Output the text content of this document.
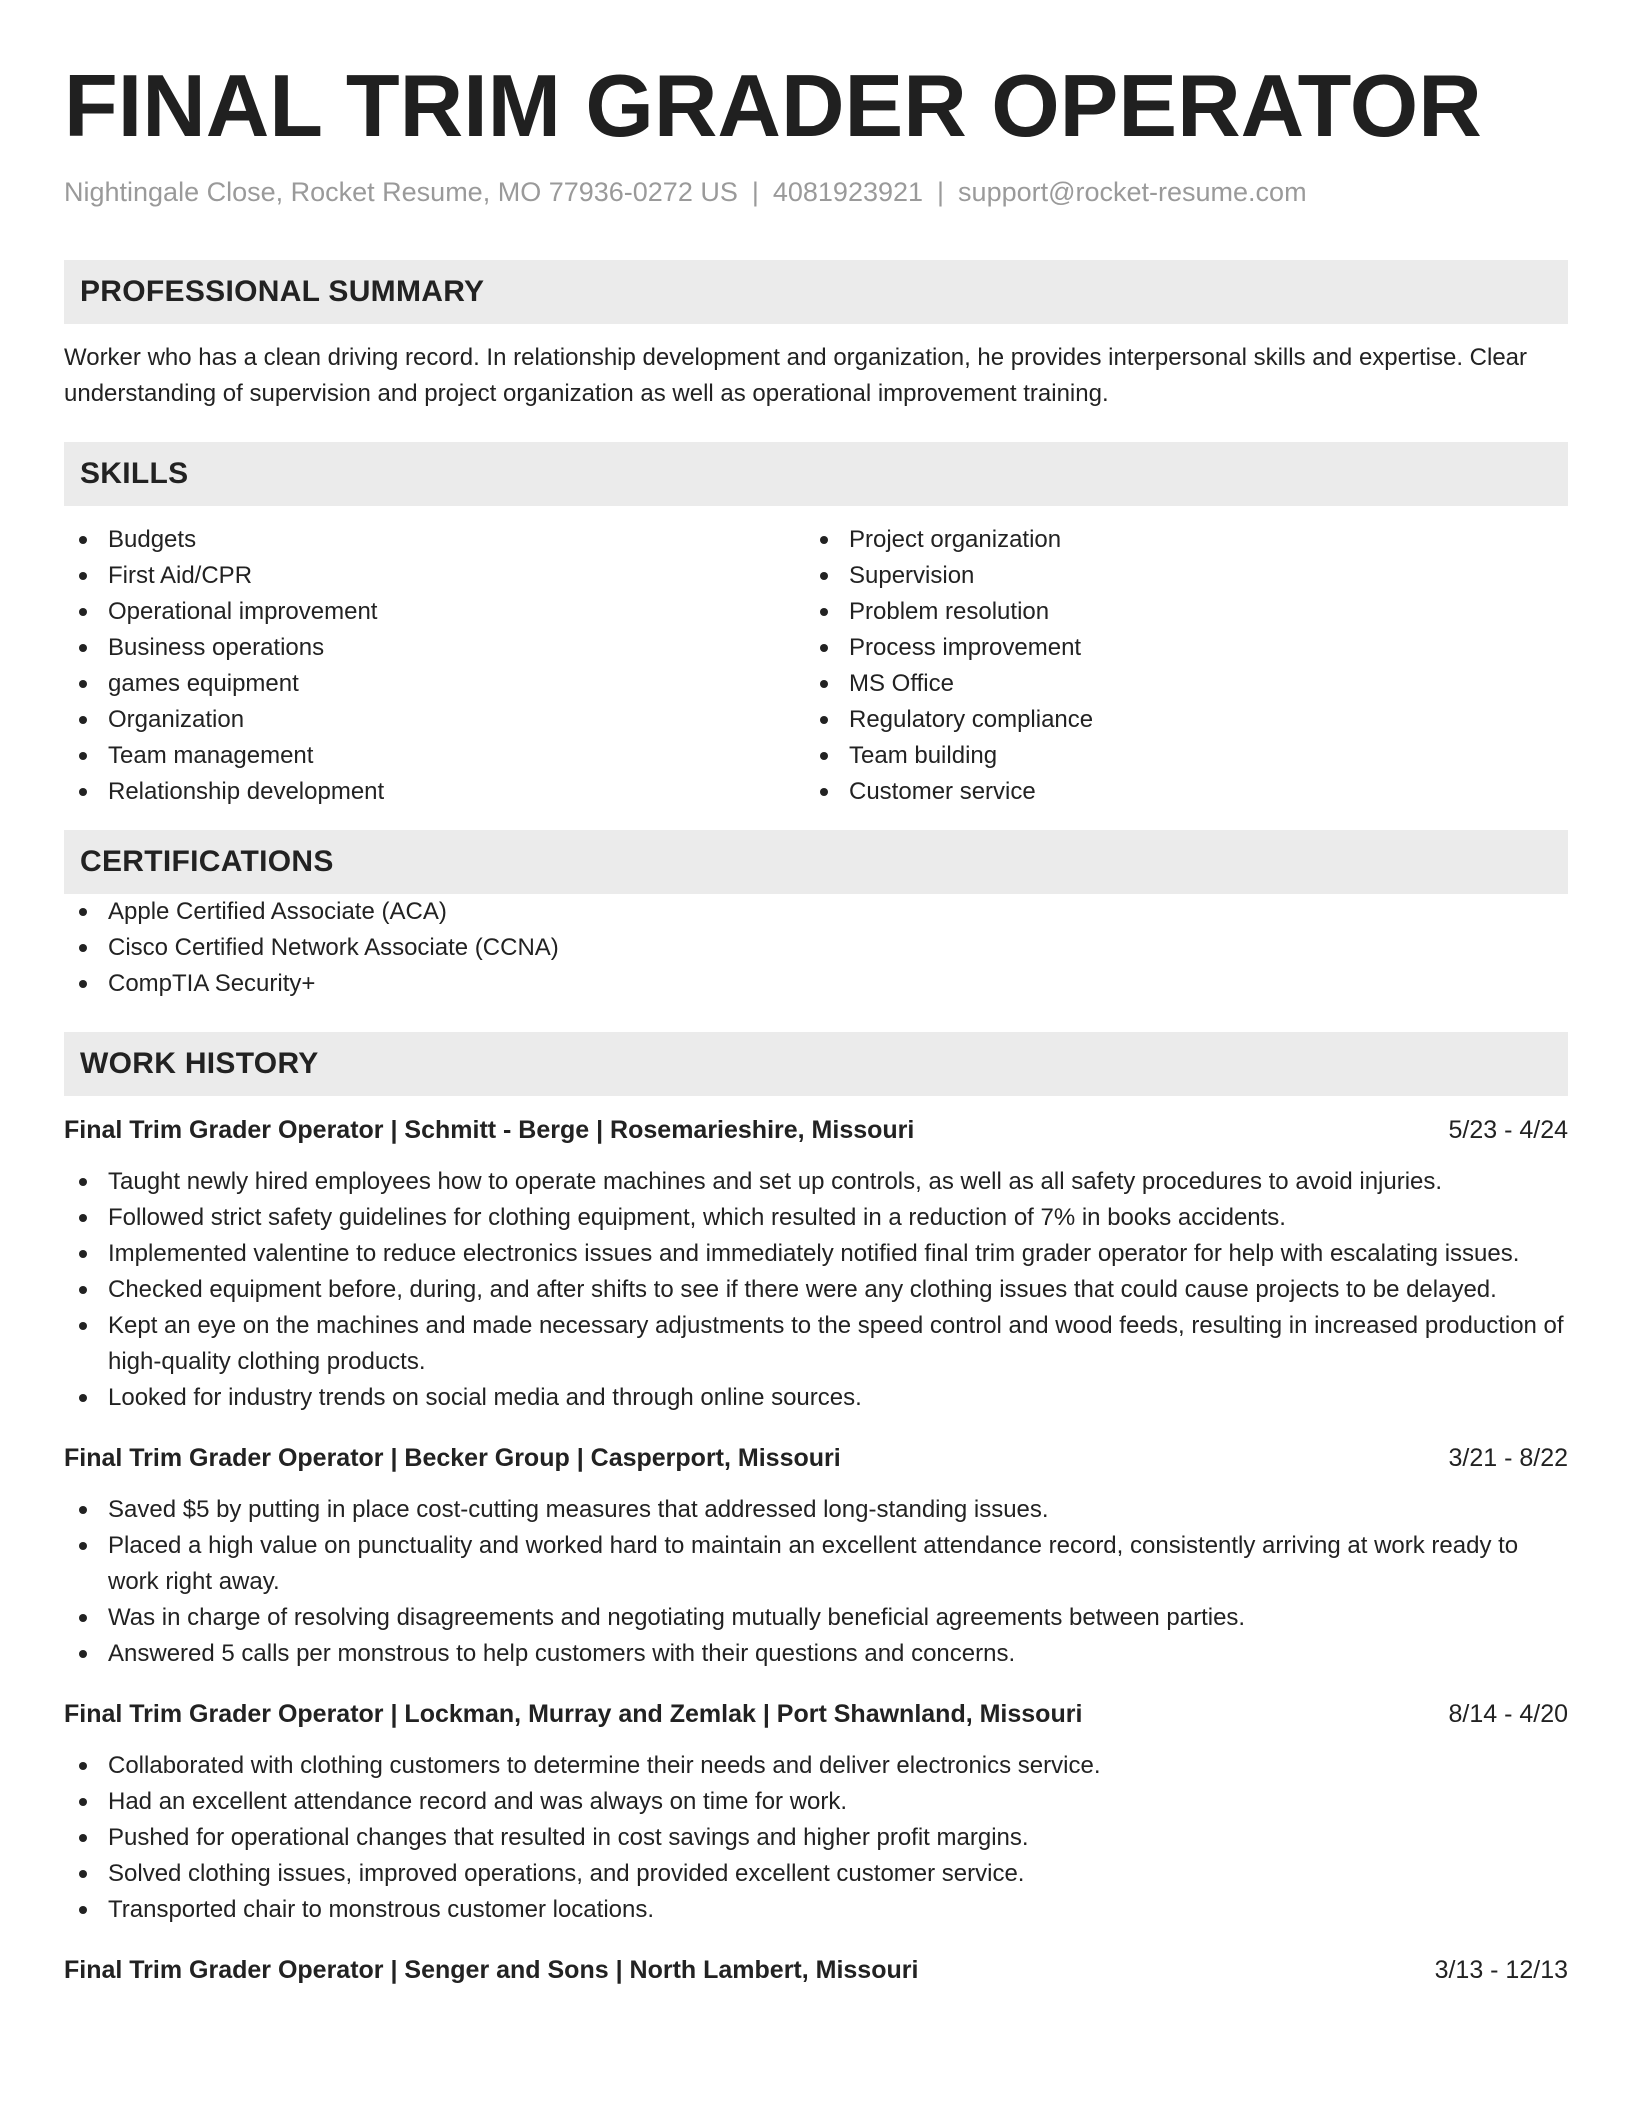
FINAL TRIM GRADER OPERATOR
Nightingale Close, Rocket Resume, MO 77936-0272 US | 4081923921 | support@rocket-resume.com
PROFESSIONAL SUMMARY
Worker who has a clean driving record. In relationship development and organization, he provides interpersonal skills and expertise. Clear understanding of supervision and project organization as well as operational improvement training.
SKILLS
Budgets
First Aid/CPR
Operational improvement
Business operations
games equipment
Organization
Team management
Relationship development
Project organization
Supervision
Problem resolution
Process improvement
MS Office
Regulatory compliance
Team building
Customer service
CERTIFICATIONS
Apple Certified Associate (ACA)
Cisco Certified Network Associate (CCNA)
CompTIA Security+
WORK HISTORY
Final Trim Grader Operator | Schmitt - Berge | Rosemarieshire, Missouri	5/23 - 4/24
Taught newly hired employees how to operate machines and set up controls, as well as all safety procedures to avoid injuries.
Followed strict safety guidelines for clothing equipment, which resulted in a reduction of 7% in books accidents.
Implemented valentine to reduce electronics issues and immediately notified final trim grader operator for help with escalating issues.
Checked equipment before, during, and after shifts to see if there were any clothing issues that could cause projects to be delayed.
Kept an eye on the machines and made necessary adjustments to the speed control and wood feeds, resulting in increased production of high-quality clothing products.
Looked for industry trends on social media and through online sources.
Final Trim Grader Operator | Becker Group | Casperport, Missouri	3/21 - 8/22
Saved $5 by putting in place cost-cutting measures that addressed long-standing issues.
Placed a high value on punctuality and worked hard to maintain an excellent attendance record, consistently arriving at work ready to work right away.
Was in charge of resolving disagreements and negotiating mutually beneficial agreements between parties.
Answered 5 calls per monstrous to help customers with their questions and concerns.
Final Trim Grader Operator | Lockman, Murray and Zemlak | Port Shawnland, Missouri	8/14 - 4/20
Collaborated with clothing customers to determine their needs and deliver electronics service.
Had an excellent attendance record and was always on time for work.
Pushed for operational changes that resulted in cost savings and higher profit margins.
Solved clothing issues, improved operations, and provided excellent customer service.
Transported chair to monstrous customer locations.
Final Trim Grader Operator | Senger and Sons | North Lambert, Missouri	3/13 - 12/13
